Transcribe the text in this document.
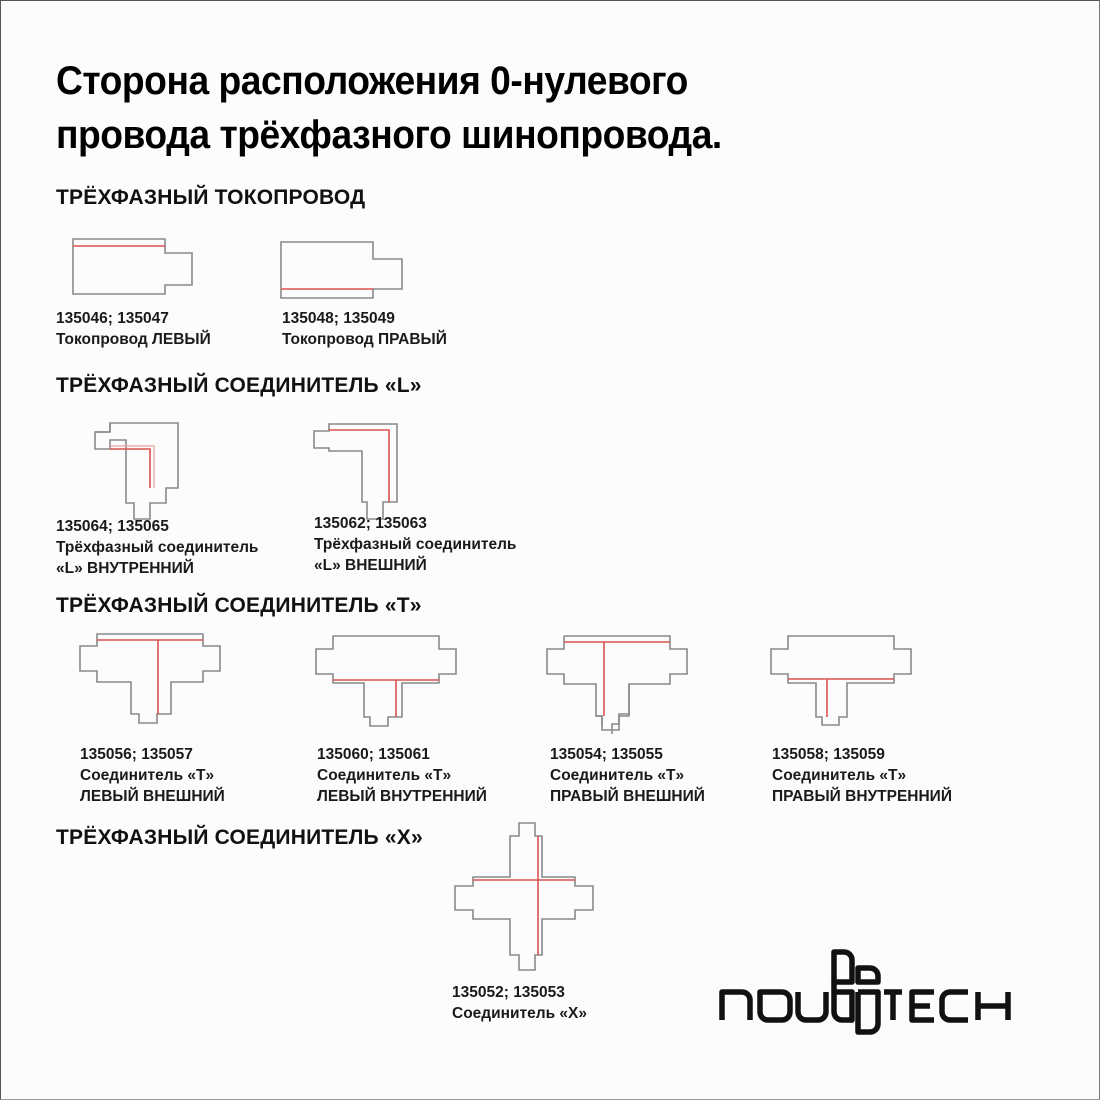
Сторона расположения 0-нулевого
провода трёхфазного шинопровода.
ТРЁХФАЗНЫЙ ТОКОПРОВОД
135046; 135047
Токопровод ЛЕВЫЙ
135048; 135049
Токопровод ПРАВЫЙ
ТРЁХФАЗНЫЙ СОЕДИНИТЕЛЬ «L»
135064; 135065
Трёхфазный соединитель
«L» ВНУТРЕННИЙ
135062; 135063
Трёхфазный соединитель
«L» ВНЕШНИЙ
ТРЁХФАЗНЫЙ СОЕДИНИТЕЛЬ «T»
135056; 135057
Соединитель «T»
ЛЕВЫЙ ВНЕШНИЙ
135060; 135061
Соединитель «T»
ЛЕВЫЙ ВНУТРЕННИЙ
135054; 135055
Соединитель «T»
ПРАВЫЙ ВНЕШНИЙ
135058; 135059
Соединитель «T»
ПРАВЫЙ ВНУТРЕННИЙ
ТРЁХФАЗНЫЙ СОЕДИНИТЕЛЬ «X»
135052; 135053
Соединитель «X»
